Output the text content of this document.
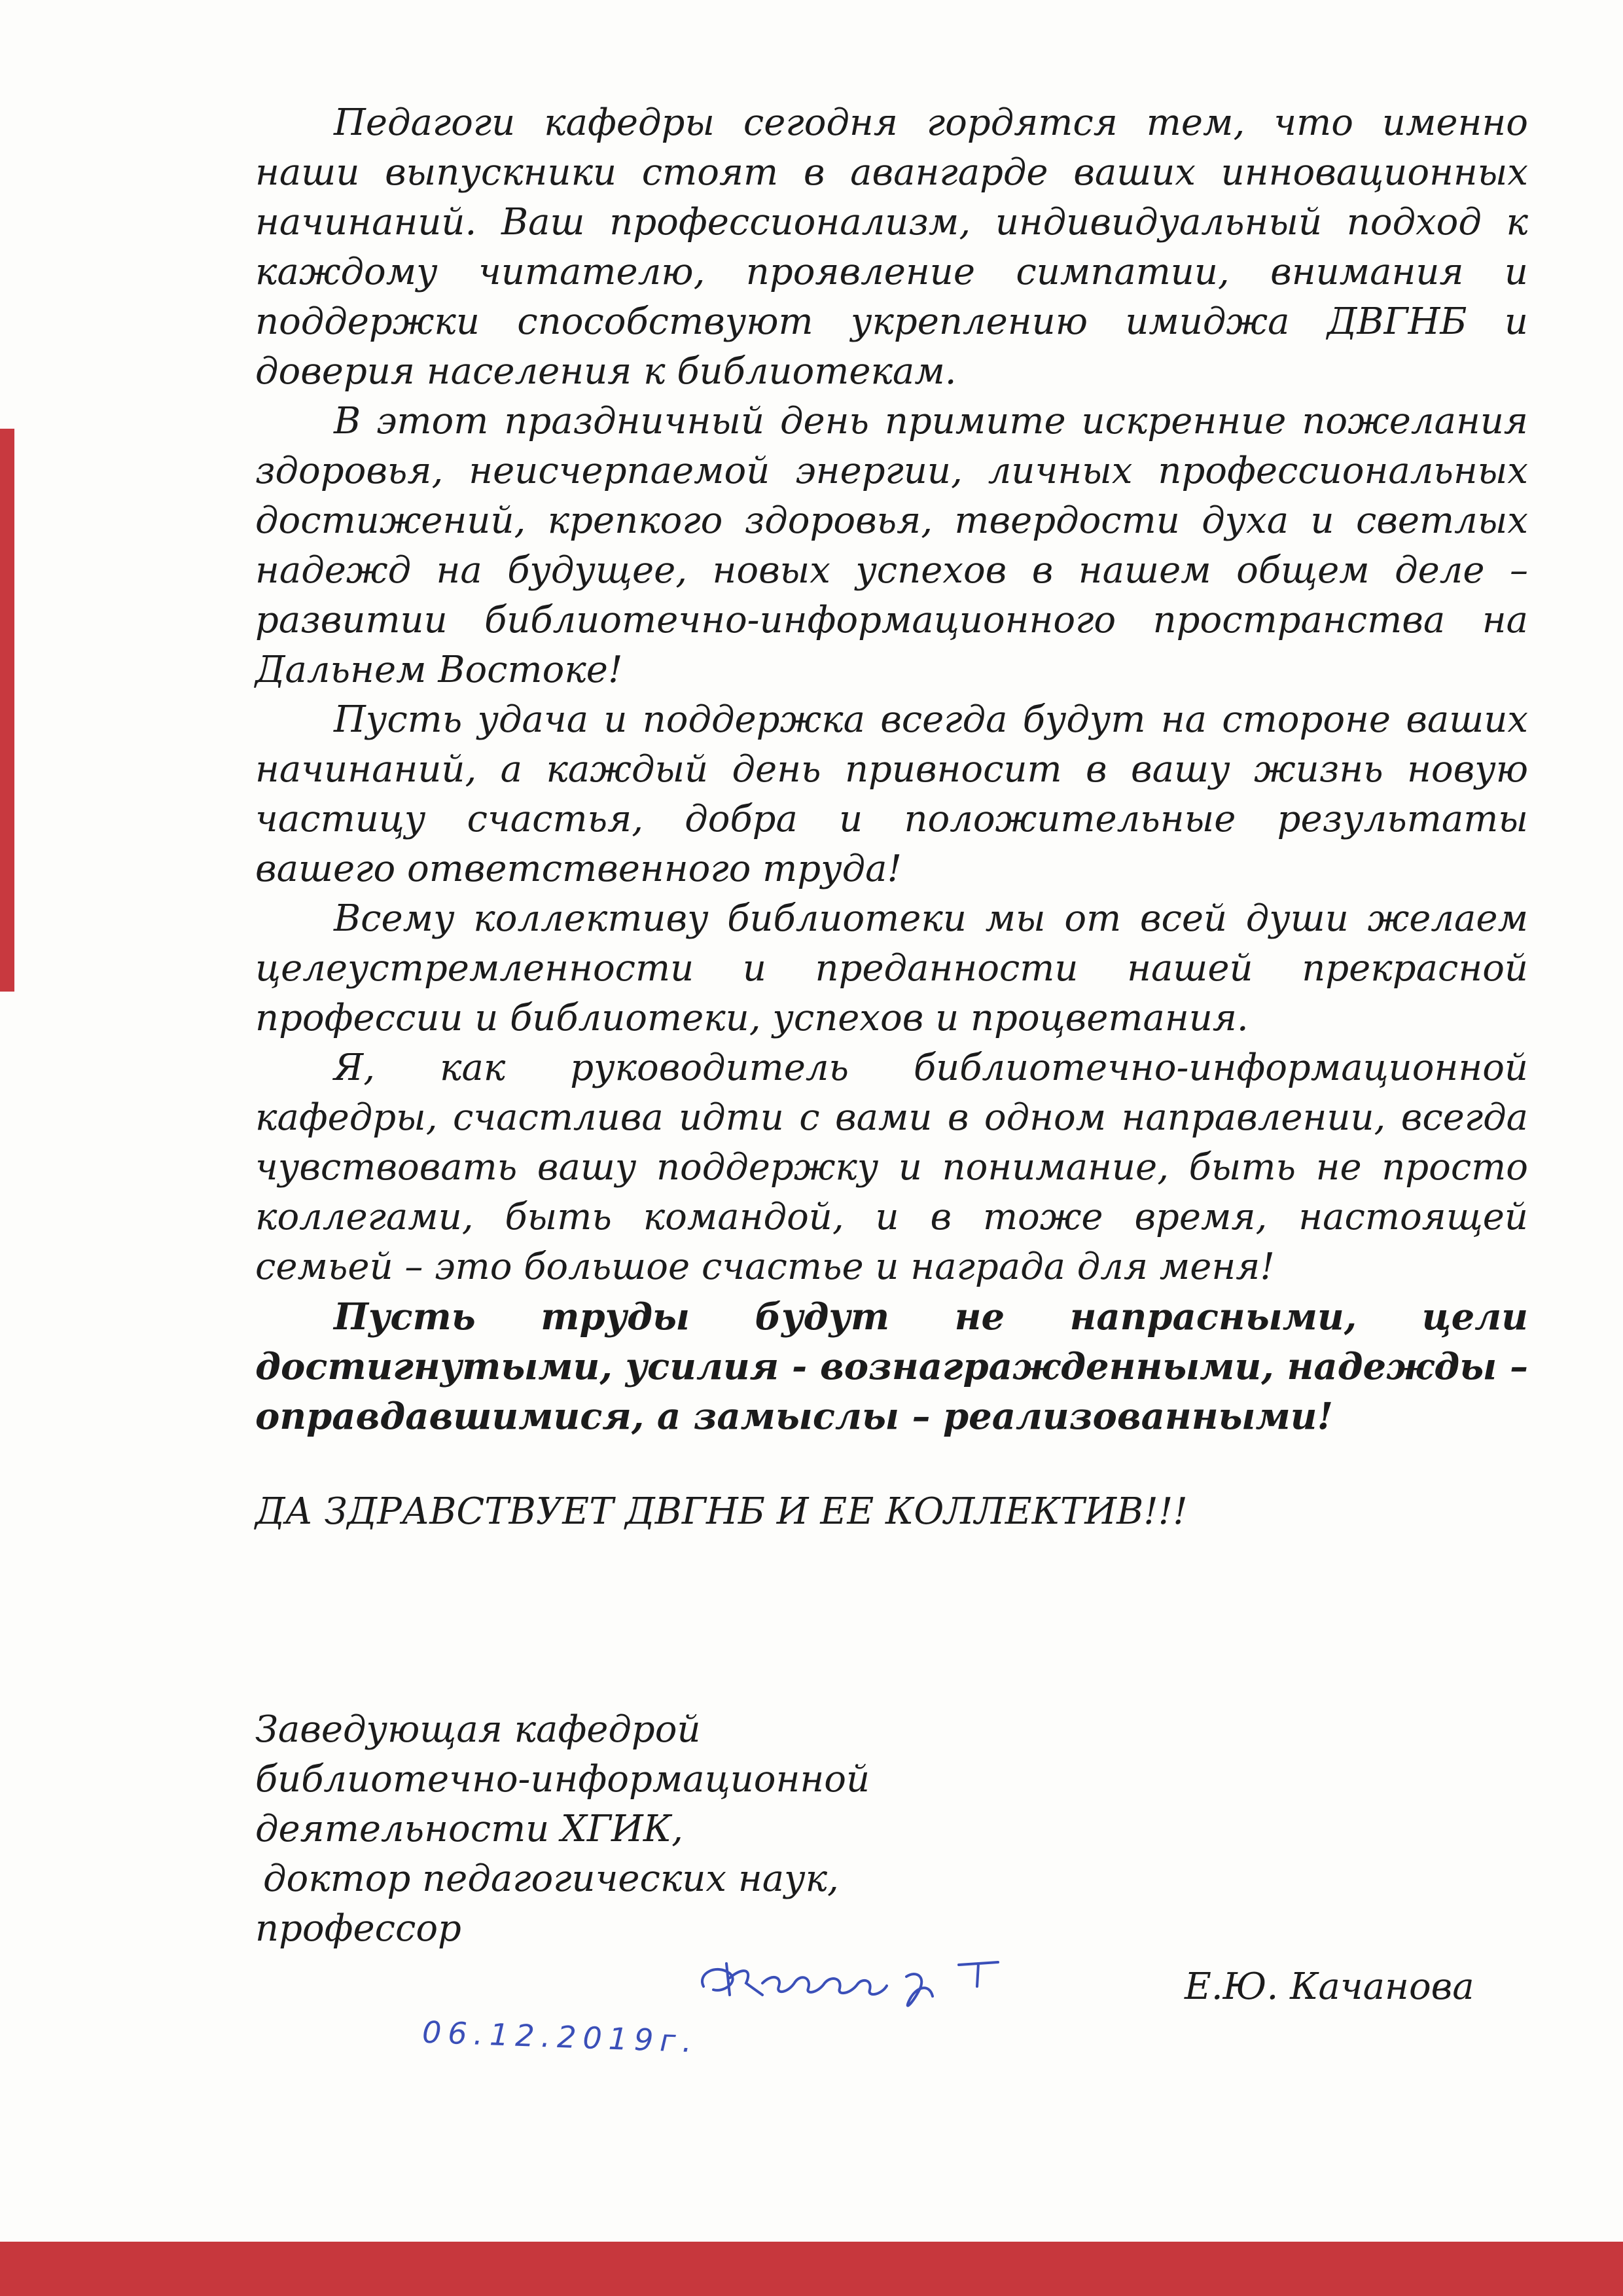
Педагоги кафедры сегодня гордятся тем, что именно наши выпускники стоят в авангарде ваших инновационных начинаний. Ваш профессионализм, индивидуальный подход к каждому читателю, проявление симпатии, внимания и поддержки способствуют укреплению имиджа ДВГНБ и доверия населения к библиотекам.

В этот праздничный день примите искренние пожелания здоровья, неисчерпаемой энергии, личных профессиональных достижений, крепкого здоровья, твердости духа и светлых надежд на будущее, новых успехов в нашем общем деле – развитии библиотечно-информационного пространства на Дальнем Востоке!

Пусть удача и поддержка всегда будут на стороне ваших начинаний, а каждый день привносит в вашу жизнь новую частицу счастья, добра и положительные результаты вашего ответственного труда!

Всему коллективу библиотеки мы от всей души желаем целеустремленности и преданности нашей прекрасной профессии и библиотеки, успехов и процветания.

Я, как руководитель библиотечно-информационной кафедры, счастлива идти с вами в одном направлении, всегда чувствовать вашу поддержку и понимание, быть не просто коллегами, быть командой, и в тоже время, настоящей семьей – это большое счастье и награда для меня!

Пусть труды будут не напрасными, цели достигнутыми, усилия - вознагражденными, надежды – оправдавшимися, а замыслы – реализованными!

ДА ЗДРАВСТВУЕТ ДВГНБ И ЕЕ КОЛЛЕКТИВ!!!

Заведующая кафедрой
библиотечно-информационной
деятельности ХГИК,
доктор педагогических наук,
профессор
Е.Ю. Качанова
06.12.2019г.
